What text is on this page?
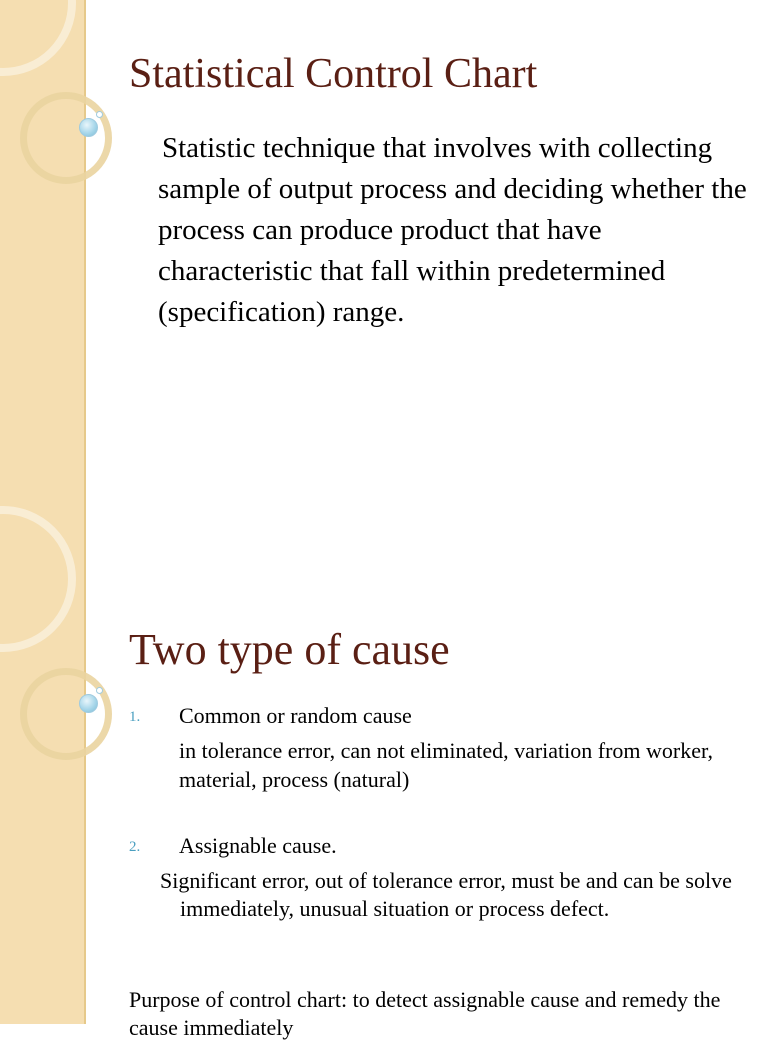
Statistical Control Chart
Statistic technique that involves with collecting sample of output process and deciding whether the process can produce product that have characteristic that fall within predetermined (specification) range.
Two type of cause
1. Common or random cause
in tolerance error, can not eliminated, variation from worker, material, process (natural)
2. Assignable cause.
Significant error, out of tolerance error, must be and can be solve immediately, unusual situation or process defect.
Purpose of control chart: to detect assignable cause and remedy the cause immediately
